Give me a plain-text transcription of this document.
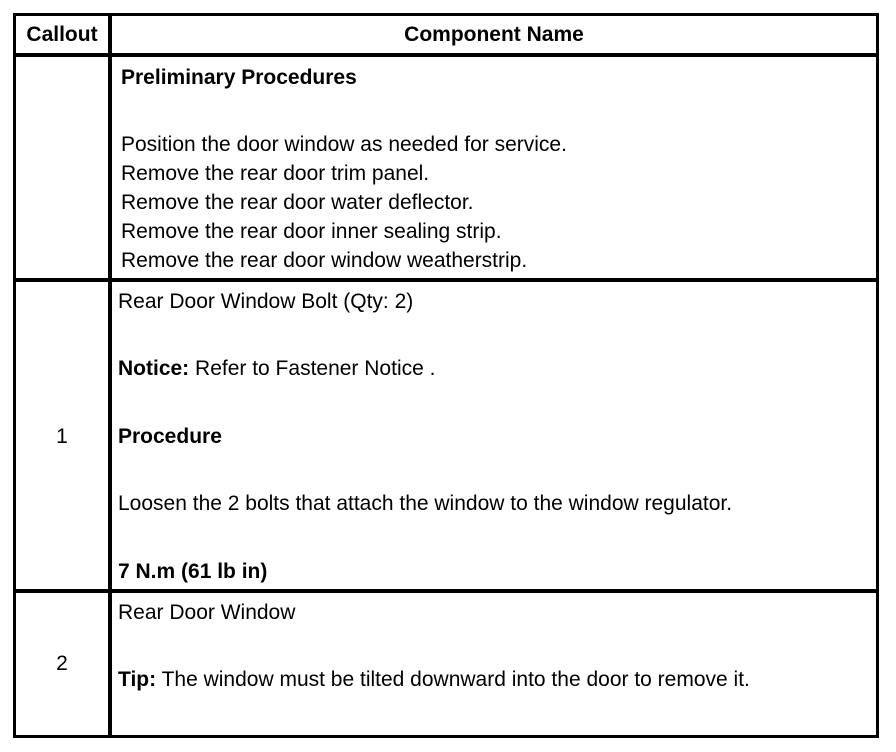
Callout	Component Name
Preliminary Procedures
Position the door window as needed for service.
Remove the rear door trim panel.
Remove the rear door water deflector.
Remove the rear door inner sealing strip.
Remove the rear door window weatherstrip.
1
Rear Door Window Bolt (Qty: 2)
Notice: Refer to Fastener Notice .
Procedure
Loosen the 2 bolts that attach the window to the window regulator.
7 N.m (61 lb in)
2
Rear Door Window
Tip: The window must be tilted downward into the door to remove it.
